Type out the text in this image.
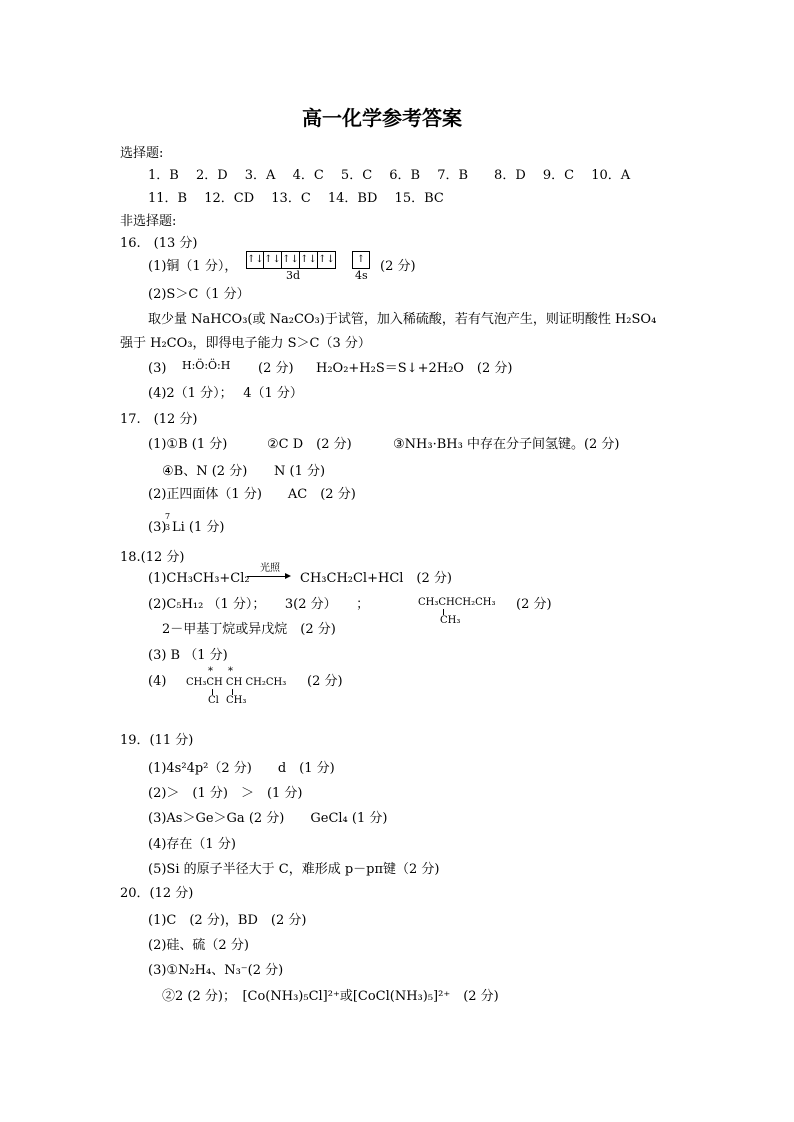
高一化学参考答案
选择题:
1．B　 2．D　 3．A　 4．C　 5．C　 6．B　 7．B　　8．D　 9．C　 10．A
11．B　 12．CD　 13．C　 14．BD　 15．BC
非选择题:
16.　(13 分)
(1)铜（1 分）， ↑↓↑↓↑↓↑↓↑↓
3d
↑
4s
(2 分)
(2)S＞C（1 分）
取少量 NaHCO₃(或 Na₂CO₃)于试管，加入稀硫酸，若有气泡产生，则证明酸性 H₂SO₄
强于 H₂CO₃，即得电子能力 S＞C（3 分）
(3) H:Ö:Ö:H (2 分) H₂O₂+H₂S＝S↓+2H₂O　(2 分)
(4)2（1 分）；　 4（1 分）
17.　(12 分)
(1)①B (1 分)	②C D　(2 分)	③NH₃·BH₃ 中存在分子间氢键。(2 分)
④B、N (2 分) N (1 分)
(2)正四面体（1 分)　　AC　(2 分)
(3)
7
3 Li (1 分)
18.(12 分)
(1)CH₃CH₃+Cl₂
光照
CH₃CH₂Cl+HCl　(2 分)
(2)C₅H₁₂ （1 分）；　　3(2 分）　　；	CH₃CHCH₂CH₃
CH₃
(2 分)
2－甲基丁烷或异戊烷　(2 分)
(3) B （1 分)
(4)
* *
CH₃CH CH CH₂CH₃
Cl CH₃
(2 分)
19．(11 分)
(1)4s²4p²（2 分)　　d　(1 分)
(2)＞　(1 分)　＞　(1 分)
(3)As＞Ge＞Ga (2 分)　　GeCl₄ (1 分)
(4)存在（1 分)
(5)Si 的原子半径大于 C，难形成 p－pπ键（2 分)
20．(12 分)
(1)C　(2 分)，BD　(2 分)
(2)硅、硫（2 分)
(3)①N₂H₄、N₃⁻(2 分)
②2 (2 分)；　[Co(NH₃)₅Cl]²⁺或[CoCl(NH₃)₅]²⁺　(2 分)
